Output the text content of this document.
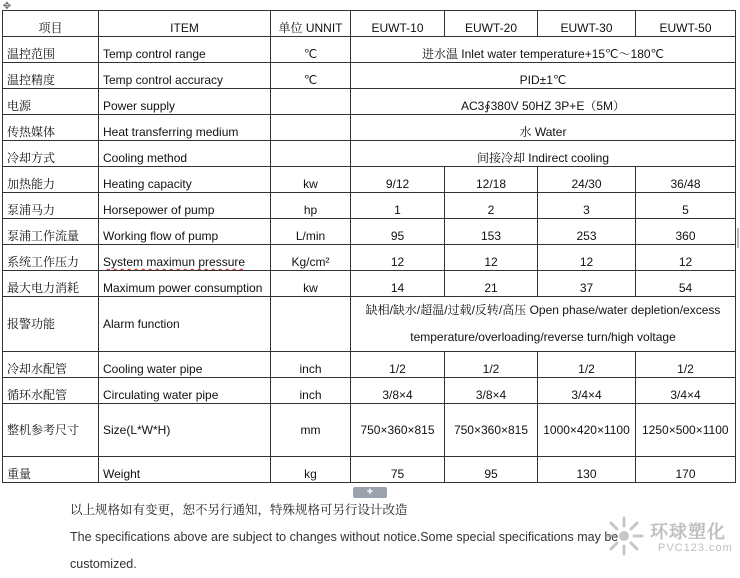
✥
项目	ITEM	单位 UNNIT	EUWT-10	EUWT-20	EUWT-30	EUWT-50
温控范围	Temp control range	℃	进水温 Inlet water temperature+15℃～180℃			
温控精度	Temp control accuracy	℃	PID±1℃			
电源	Power supply		AC3∮380V 50HZ 3P+E（5M）			
传热媒体	Heat transferring medium		水 Water			
冷却方式	Cooling method		间接冷却 Indirect cooling			
加热能力	Heating capacity	kw	9/12	12/18	24/30	36/48
泵浦马力	Horsepower of pump	hp	1	2	3	5
泵浦工作流量	Working flow of pump	L/min	95	153	253	360
系统工作压力	System maximun pressure	Kg/cm²	12	12	12	12
最大电力消耗	Maximum power consumption	kw	14	21	37	54
报警功能	Alarm function		缺相/缺水/超温/过载/反转/高压 Open phase/water depletion/excess temperature/overloading/reverse turn/high voltage			
冷却水配管	Cooling water pipe	inch	1/2	1/2	1/2	1/2
循环水配管	Circulating water pipe	inch	3/8×4	3/8×4	3/4×4	3/4×4
整机参考尺寸	Size(L*W*H)	mm	750×360×815	750×360×815	1000×420×1100	1250×500×1100
重量	Weight	kg	75	95	130	170
+
以上规格如有变更，恕不另行通知，特殊规格可另行设计改造
The specifications above are subject to changes without notice.Some special specifications may be customized.
环球塑化
PVC123.com
